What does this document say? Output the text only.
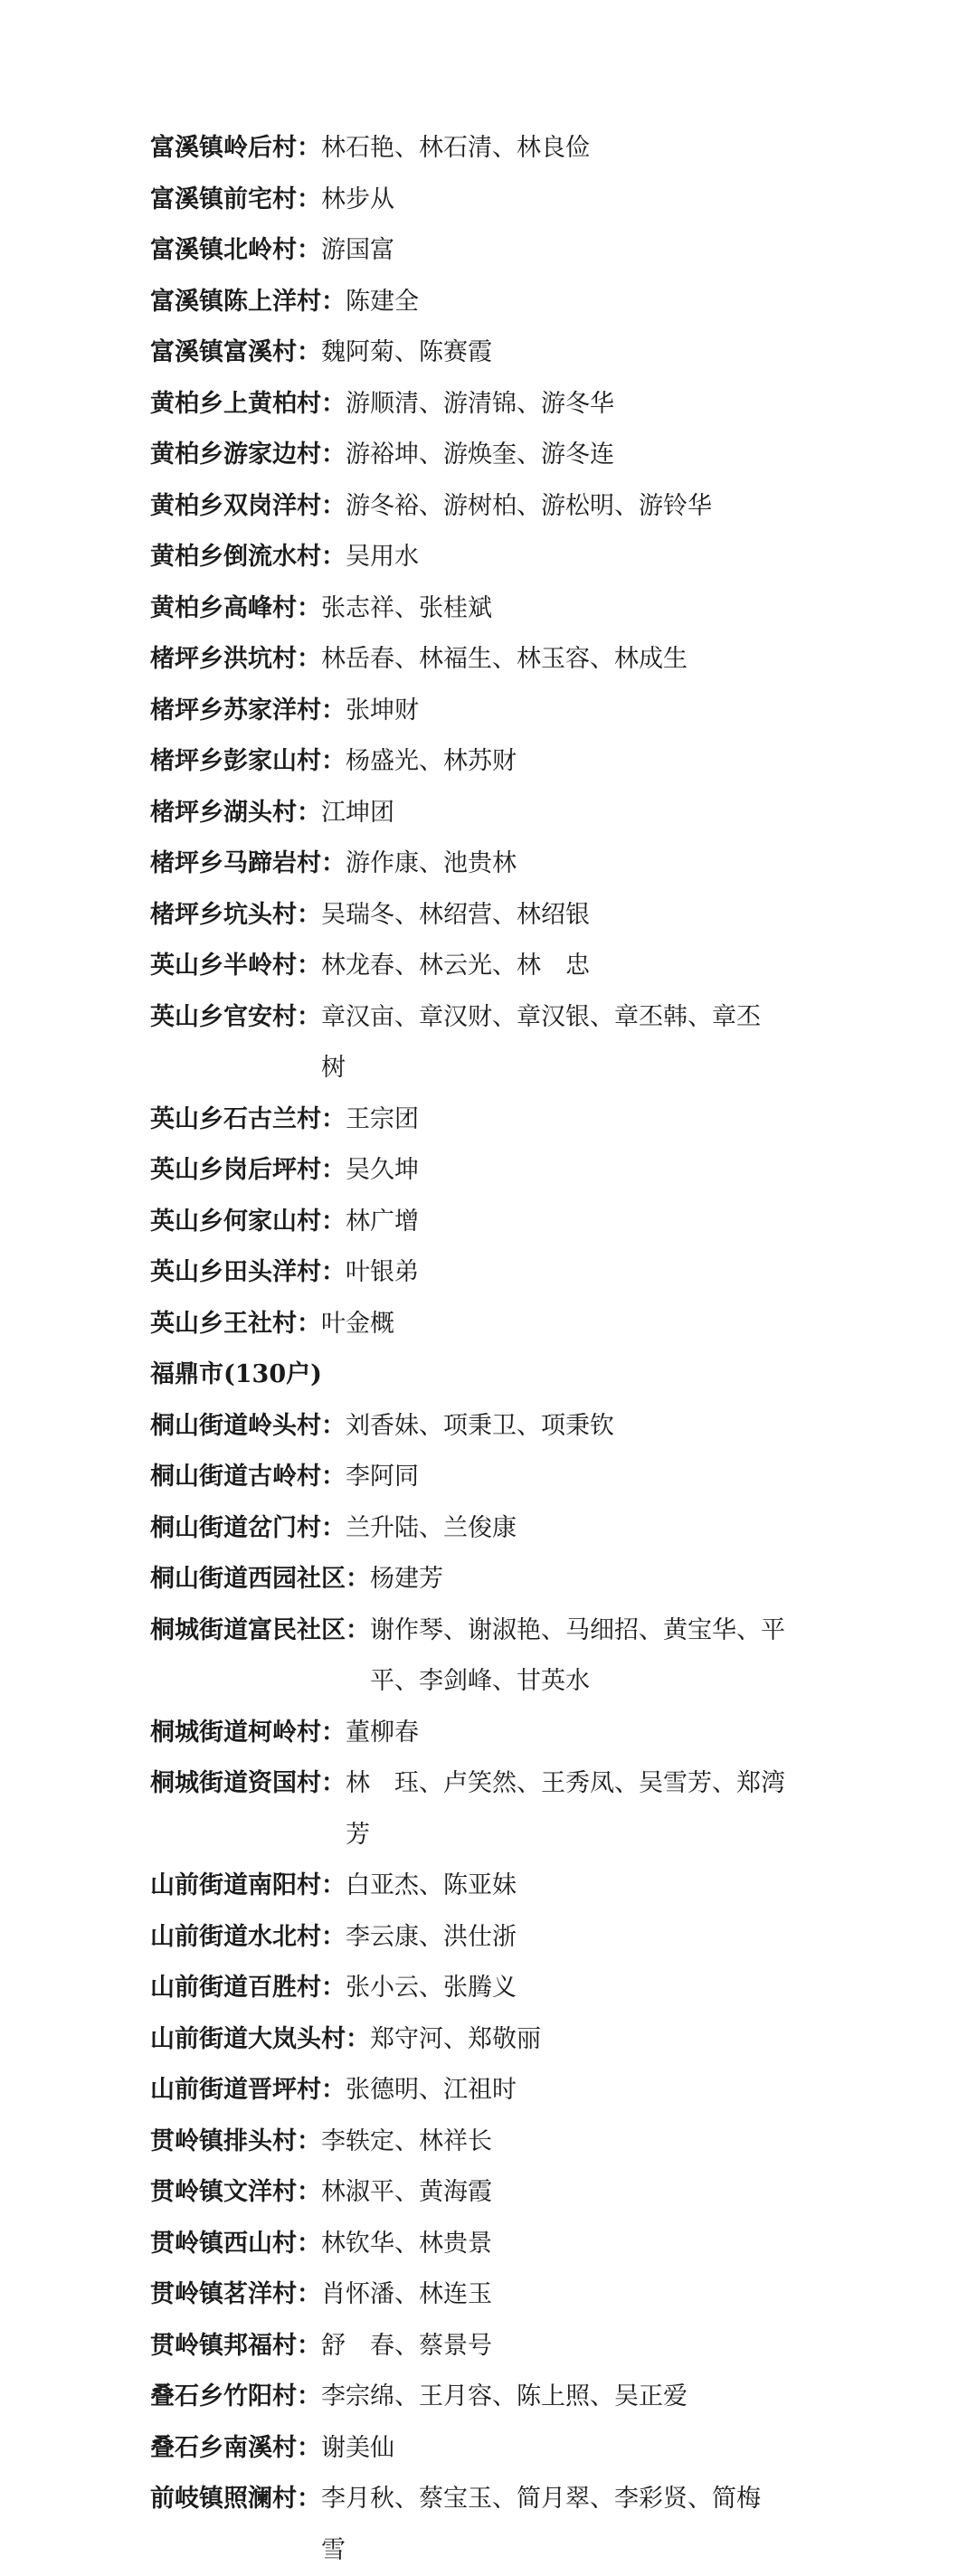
富溪镇岭后村： 林石艳、林石清、林良俭
富溪镇前宅村： 林步从
富溪镇北岭村： 游国富
富溪镇陈上洋村： 陈建全
富溪镇富溪村： 魏阿菊、陈赛霞
黄柏乡上黄柏村： 游顺清、游清锦、游冬华
黄柏乡游家边村： 游裕坤、游焕奎、游冬连
黄柏乡双岗洋村： 游冬裕、游树柏、游松明、游铃华
黄柏乡倒流水村： 吴用水
黄柏乡高峰村： 张志祥、张桂斌
楮坪乡洪坑村： 林岳春、林福生、林玉容、林成生
楮坪乡苏家洋村： 张坤财
楮坪乡彭家山村： 杨盛光、林苏财
楮坪乡湖头村： 江坤团
楮坪乡马蹄岩村： 游作康、池贵林
楮坪乡坑头村： 吴瑞冬、林绍营、林绍银
英山乡半岭村： 林龙春、林云光、林　忠
英山乡官安村： 章汉亩、章汉财、章汉银、章丕韩、章丕树
英山乡石古兰村： 王宗团
英山乡岗后坪村： 吴久坤
英山乡何家山村： 林广增
英山乡田头洋村： 叶银弟
英山乡王社村： 叶金概
福鼎市(130户)
桐山街道岭头村： 刘香妹、项秉卫、项秉钦
桐山街道古岭村： 李阿同
桐山街道岔门村： 兰升陆、兰俊康
桐山街道西园社区： 杨建芳
桐城街道富民社区： 谢作琴、谢淑艳、马细招、黄宝华、平平、李剑峰、甘英水
桐城街道柯岭村： 董柳春
桐城街道资国村： 林　珏、卢笑然、王秀凤、吴雪芳、郑湾芳
山前街道南阳村： 白亚杰、陈亚妹
山前街道水北村： 李云康、洪仕浙
山前街道百胜村： 张小云、张腾义
山前街道大岚头村： 郑守河、郑敬丽
山前街道晋坪村： 张德明、江祖时
贯岭镇排头村： 李轶定、林祥长
贯岭镇文洋村： 林淑平、黄海霞
贯岭镇西山村： 林钦华、林贵景
贯岭镇茗洋村： 肖怀潘、林连玉
贯岭镇邦福村： 舒　春、蔡景号
叠石乡竹阳村： 李宗绵、王月容、陈上照、吴正爱
叠石乡南溪村： 谢美仙
前岐镇照澜村： 李月秋、蔡宝玉、简月翠、李彩贤、简梅雪
